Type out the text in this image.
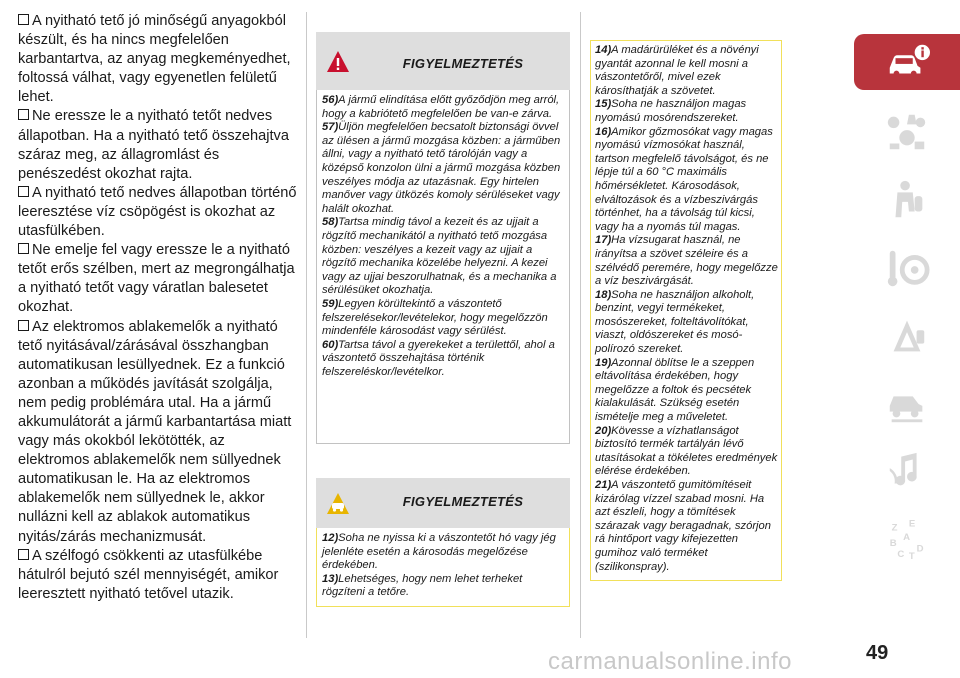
A nyitható tető jó minőségű anyagokból készült, és ha nincs megfelelően karbantartva, az anyag megkeményedhet, foltossá válhat, vagy egyenetlen felületű lehet.

Ne eressze le a nyitható tetőt nedves állapotban. Ha a nyitható tető összehajtva száraz meg, az állagromlást és penészedést okozhat rajta.

A nyitható tető nedves állapotban történő leeresztése víz csöpögést is okozhat az utasfülkében.

Ne emelje fel vagy eressze le a nyitható tetőt erős szélben, mert az megrongálhatja a nyitható tetőt vagy váratlan balesetet okozhat.

Az elektromos ablakemelők a nyitható tető nyitásával/zárásával összhangban automatikusan lesüllyednek. Ez a funkció azonban a működés javítását szolgálja, nem pedig problémára utal. Ha a jármű akkumulátorát a jármű karbantartása miatt vagy más okokból lekötötték, az elektromos ablakemelők nem süllyednek automatikusan le. Ha az elektromos ablakemelők nem süllyednek le, akkor nullázni kell az ablakok automatikus nyitás/zárás mechanizmusát.

A szélfogó csökkenti az utasfülkébe hátulról bejutó szél mennyiségét, amikor leeresztett nyitható tetővel utazik.

FIGYELMEZTETÉS

56)A jármű elindítása előtt győződjön meg arról, hogy a kabriótető megfelelően be van-e zárva.

57)Üljön megfelelően becsatolt biztonsági övvel az ülésen a jármű mozgása közben: a járműben állni, vagy a nyitható tető tárolóján vagy a középső konzolon ülni a jármű mozgása közben veszélyes módja az utazásnak. Egy hirtelen manőver vagy ütközés komoly sérüléseket vagy halált okozhat.

58)Tartsa mindig távol a kezeit és az ujjait a rögzítő mechanikától a nyitható tető mozgása közben: veszélyes a kezeit vagy az ujjait a rögzítő mechanika közelébe helyezni. A kezei vagy az ujjai beszorulhatnak, és a mechanika a sérülésüket okozhatja.

59)Legyen körültekintő a vászontető felszerelésekor/levételekor, hogy megelőzzön mindenféle károsodást vagy sérülést.

60)Tartsa távol a gyerekeket a területtől, ahol a vászontető összehajtása történik felszereléskor/levételkor.

FIGYELMEZTETÉS

12)Soha ne nyissa ki a vászontetőt hó vagy jég jelenléte esetén a károsodás megelőzése érdekében.

13)Lehetséges, hogy nem lehet terheket rögzíteni a tetőre.

14)A madárürüléket és a növényi gyantát azonnal le kell mosni a vászontetőről, mivel ezek károsíthatják a szövetet.

15)Soha ne használjon magas nyomású mosórendszereket.

16)Amikor gőzmosókat vagy magas nyomású vízmosókat használ, tartson megfelelő távolságot, és ne lépje túl a 60 °C maximális hőmérsékletet. Károsodások, elváltozások és a vízbeszivárgás történhet, ha a távolság túl kicsi, vagy ha a nyomás túl magas.

17)Ha vízsugarat használ, ne irányítsa a szövet széleire és a szélvédő peremére, hogy megelőzze a víz beszivárgását.

18)Soha ne használjon alkoholt, benzint, vegyi termékeket, mosószereket, folteltávolítókat, viaszt, oldószereket és mosó-polírozó szereket.

19)Azonnal öblítse le a szeppen eltávolítása érdekében, hogy megelőzze a foltok és pecsétek kialakulását. Szükség esetén ismételje meg a műveletet.

20)Kövesse a vízhatlanságot biztosító termék tartályán lévő utasításokat a tökéletes eredmények elérése érdekében.

21)A vászontető gumitömítéseit kizárólag vízzel szabad mosni. Ha azt észleli, hogy a tömítések szárazak vagy beragadnak, szórjon rá hintőport vagy kifejezetten gumihoz való terméket (szilikonspray).

Z E
A
B
D
C T
carmanualsonline.info	49
